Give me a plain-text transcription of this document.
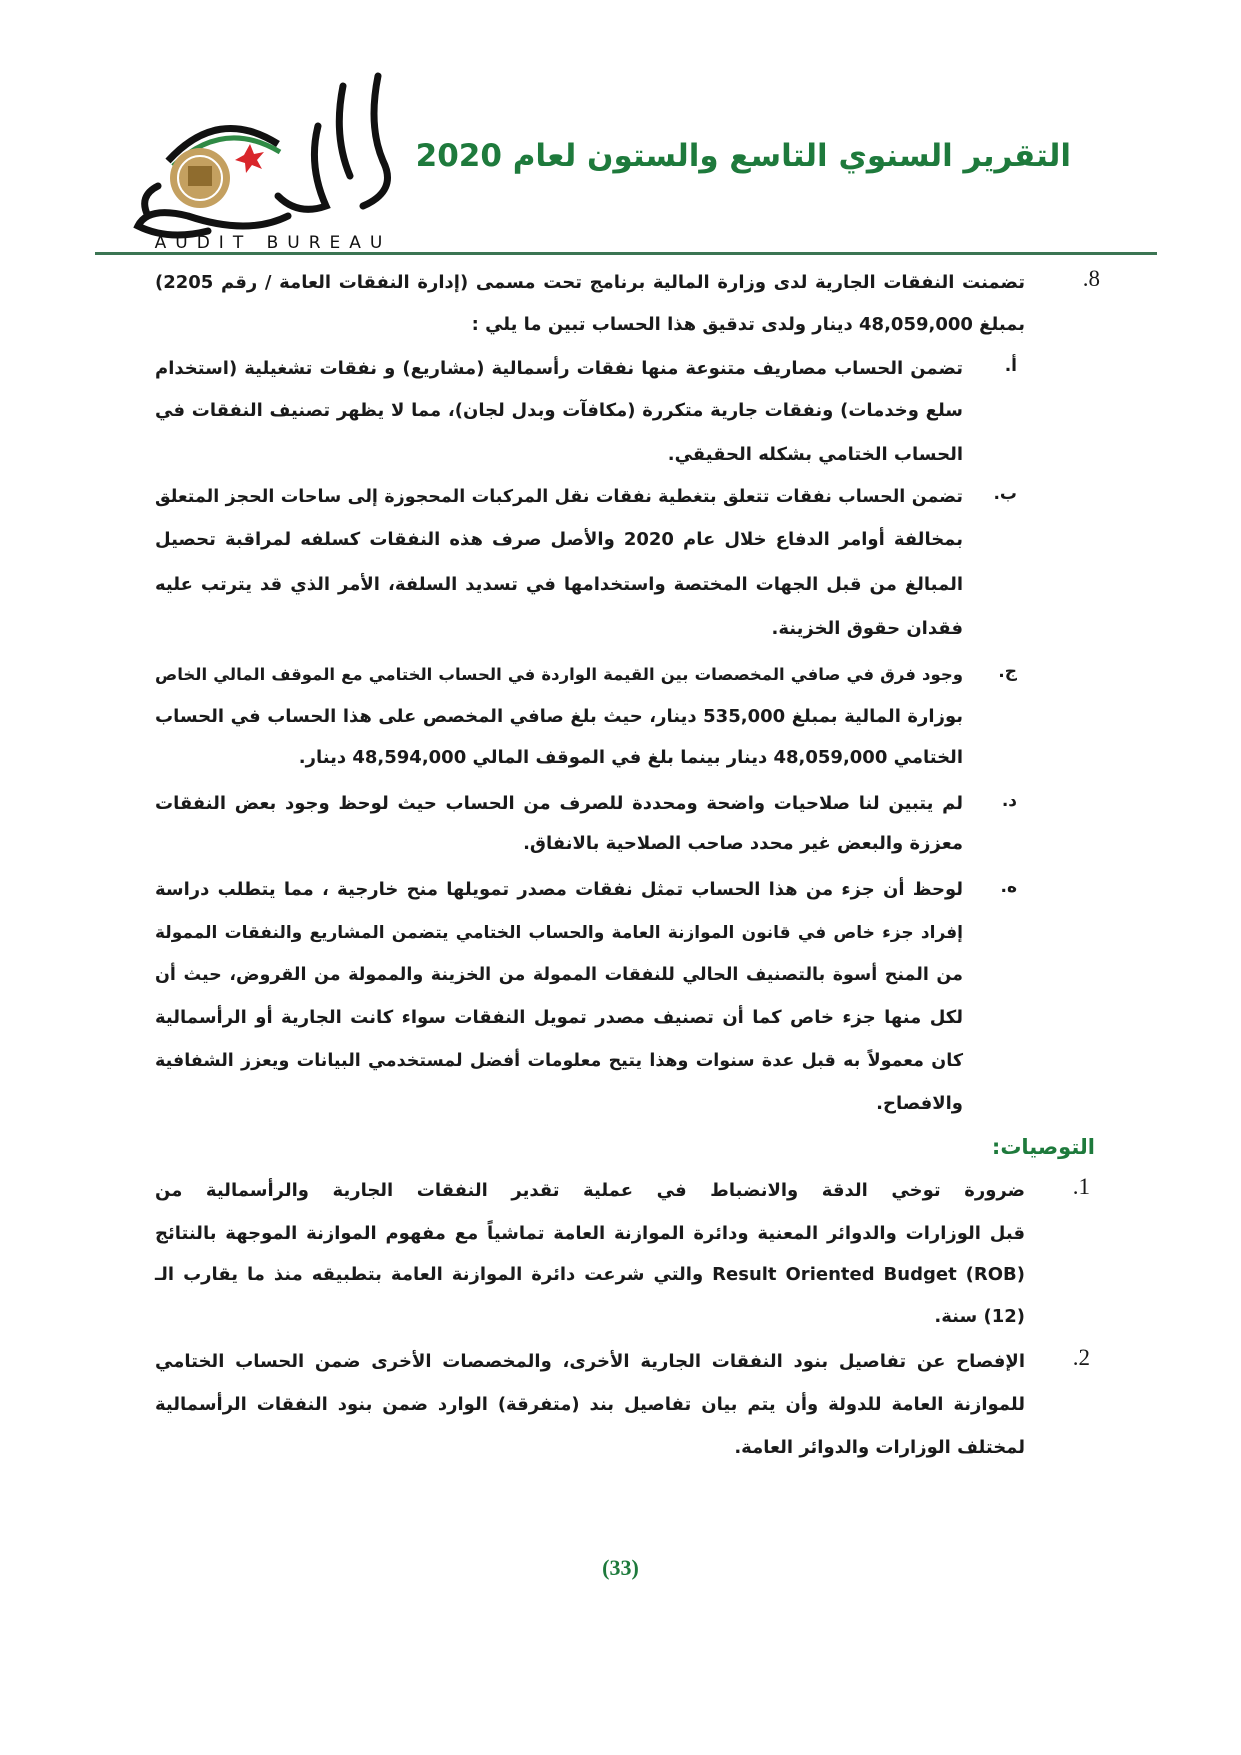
AUDIT BUREAU
التقرير السنوي التاسع والستون لعام 2020
8.
تضمنت النفقات الجارية لدى وزارة المالية برنامج تحت مسمى (إدارة النفقات العامة / رقم 2205)
بمبلغ 48,059,000 دينار ولدى تدقيق هذا الحساب تبين ما يلي :
أ.
تضمن الحساب مصاريف متنوعة منها نفقات رأسمالية (مشاريع) و نفقات تشغيلية (استخدام
سلع وخدمات) ونفقات جارية متكررة (مكافآت وبدل لجان)، مما لا يظهر تصنيف النفقات في
الحساب الختامي بشكله الحقيقي.
ب.
تضمن الحساب نفقات تتعلق بتغطية نفقات نقل المركبات المحجوزة إلى ساحات الحجز المتعلق
بمخالفة أوامر الدفاع خلال عام 2020 والأصل صرف هذه النفقات كسلفه لمراقبة تحصيل
المبالغ من قبل الجهات المختصة واستخدامها في تسديد السلفة، الأمر الذي قد يترتب عليه
فقدان حقوق الخزينة.
ج.
وجود فرق في صافي المخصصات بين القيمة الواردة في الحساب الختامي مع الموقف المالي الخاص
بوزارة المالية بمبلغ 535,000 دينار، حيث بلغ صافي المخصص على هذا الحساب في الحساب
الختامي 48,059,000 دينار بينما بلغ في الموقف المالي 48,594,000 دينار.
د.
لم يتبين لنا صلاحيات واضحة ومحددة للصرف من الحساب حيث لوحظ وجود بعض النفقات
معززة والبعض غير محدد صاحب الصلاحية بالانفاق.
ه.
لوحظ أن جزء من هذا الحساب تمثل نفقات مصدر تمويلها منح خارجية ، مما يتطلب دراسة
إفراد جزء خاص في قانون الموازنة العامة والحساب الختامي يتضمن المشاريع والنفقات الممولة
من المنح أسوة بالتصنيف الحالي للنفقات الممولة من الخزينة والممولة من القروض، حيث أن
لكل منها جزء خاص كما أن تصنيف مصدر تمويل النفقات سواء كانت الجارية أو الرأسمالية
كان معمولاً به قبل عدة سنوات وهذا يتيح معلومات أفضل لمستخدمي البيانات ويعزز الشفافية
والافصاح.
التوصيات:
1.
ضرورة توخي الدقة والانضباط في عملية تقدير النفقات الجارية والرأسمالية من
قبل الوزارات والدوائر المعنية ودائرة الموازنة العامة تماشياً مع مفهوم الموازنة الموجهة بالنتائج
Result Oriented Budget (ROB) والتي شرعت دائرة الموازنة العامة بتطبيقه منذ ما يقارب الـ
(12) سنة.
2.
الإفصاح عن تفاصيل بنود النفقات الجارية الأخرى، والمخصصات الأخرى ضمن الحساب الختامي
للموازنة العامة للدولة وأن يتم بيان تفاصيل بند (متفرقة) الوارد ضمن بنود النفقات الرأسمالية
لمختلف الوزارات والدوائر العامة.
(33)
